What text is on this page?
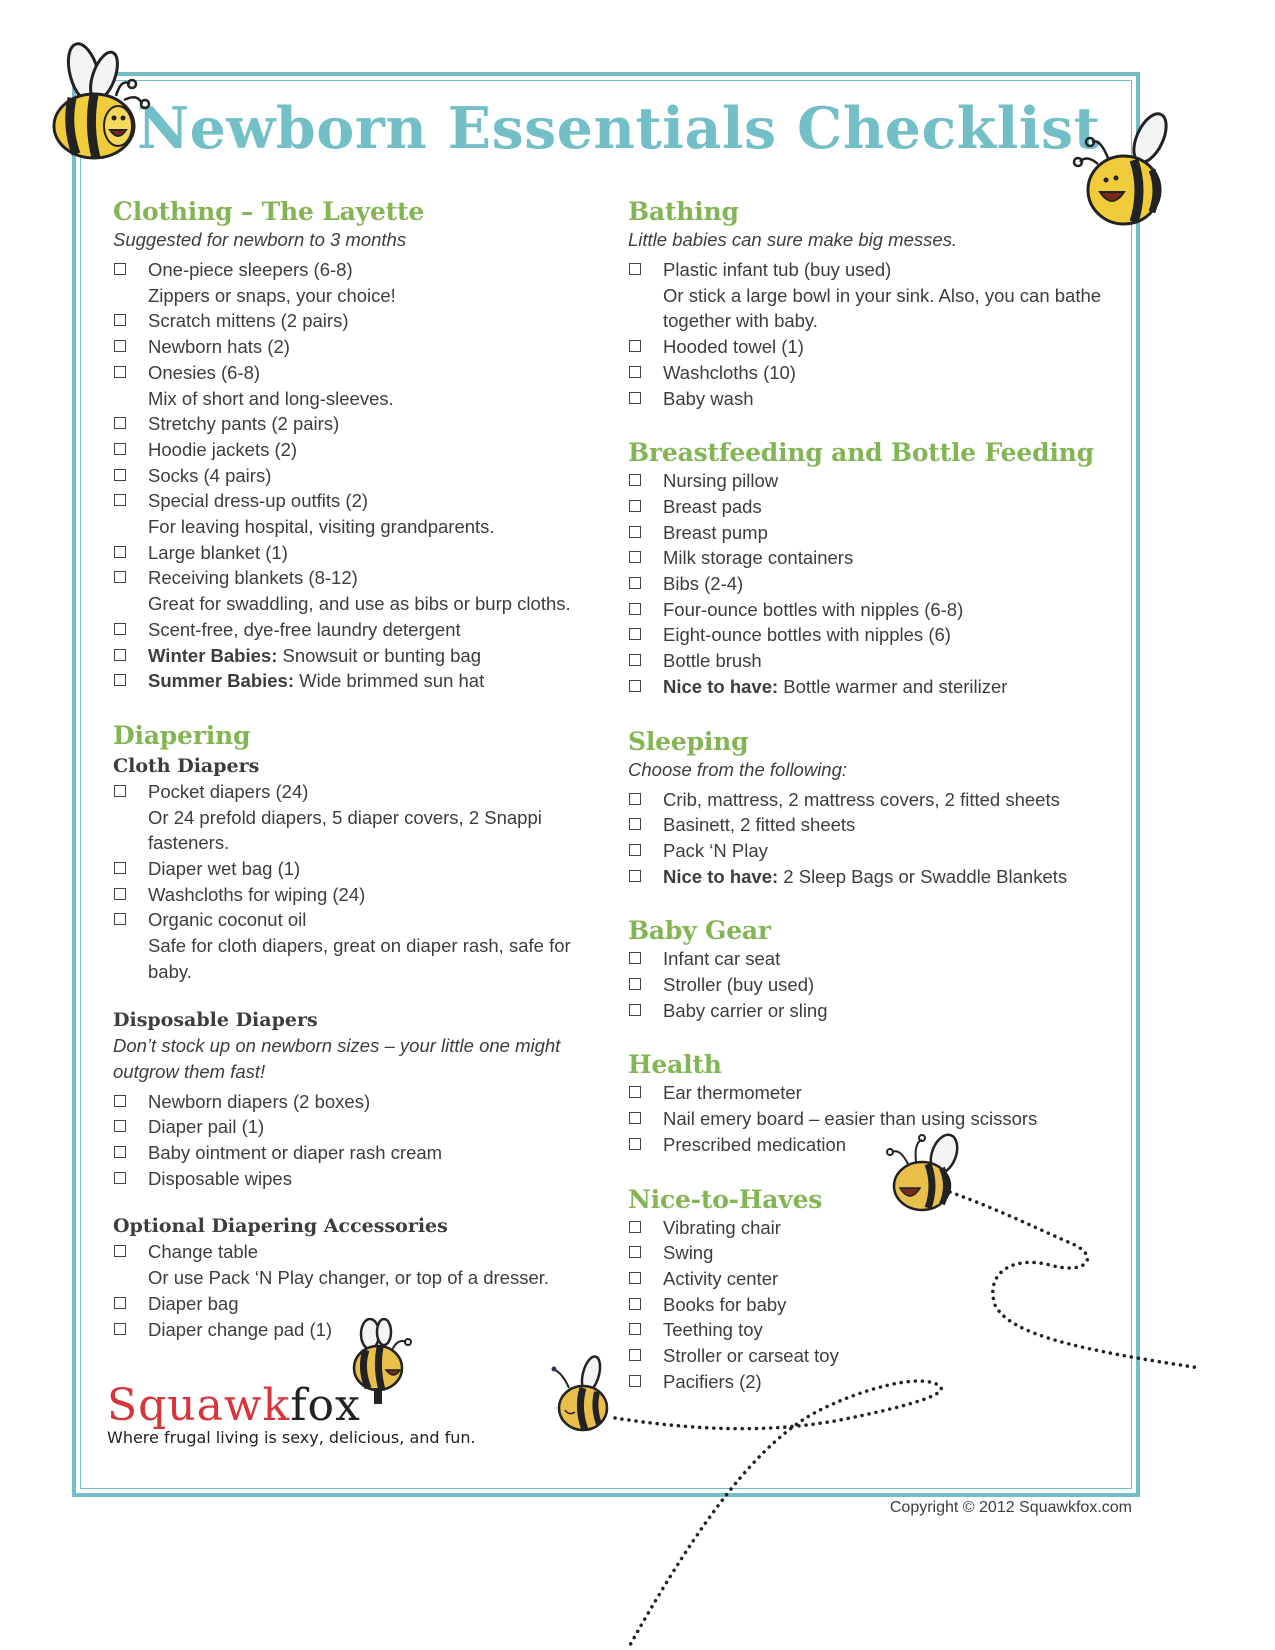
Newborn Essentials Checklist
Clothing – The Layette

Suggested for newborn to 3 months

One-piece sleepers (6-8)
Zippers or snaps, your choice!
Scratch mittens (2 pairs)
Newborn hats (2)
Onesies (6-8)
Mix of short and long-sleeves.
Stretchy pants (2 pairs)
Hoodie jackets (2)
Socks (4 pairs)
Special dress-up outfits (2)
For leaving hospital, visiting grandparents.
Large blanket (1)
Receiving blankets (8-12)
Great for swaddling, and use as bibs or burp cloths.
Scent-free, dye-free laundry detergent
Winter Babies: Snowsuit or bunting bag
Summer Babies: Wide brimmed sun hat
Diapering
Cloth Diapers
Pocket diapers (24)
Or 24 prefold diapers, 5 diaper covers, 2 Snappi fasteners.
Diaper wet bag (1)
Washcloths for wiping (24)
Organic coconut oil
Safe for cloth diapers, great on diaper rash, safe for baby.
Disposable Diapers

Don’t stock up on newborn sizes – your little one might outgrow them fast!

Newborn diapers (2 boxes)
Diaper pail (1)
Baby ointment or diaper rash cream
Disposable wipes
Optional Diapering Accessories
Change table
Or use Pack ‘N Play changer, or top of a dresser.
Diaper bag
Diaper change pad (1)
Bathing

Little babies can sure make big messes.

Plastic infant tub (buy used)
Or stick a large bowl in your sink. Also, you can bathe together with baby.
Hooded towel (1)
Washcloths (10)
Baby wash
Breastfeeding and Bottle Feeding
Nursing pillow
Breast pads
Breast pump
Milk storage containers
Bibs (2-4)
Four-ounce bottles with nipples (6-8)
Eight-ounce bottles with nipples (6)
Bottle brush
Nice to have: Bottle warmer and sterilizer
Sleeping

Choose from the following:

Crib, mattress, 2 mattress covers, 2 fitted sheets
Basinett, 2 fitted sheets
Pack ‘N Play
Nice to have: 2 Sleep Bags or Swaddle Blankets
Baby Gear
Infant car seat
Stroller (buy used)
Baby carrier or sling
Health
Ear thermometer
Nail emery board – easier than using scissors
Prescribed medication
Nice-to-Haves
Vibrating chair
Swing
Activity center
Books for baby
Teething toy
Stroller or carseat toy
Pacifiers (2)
Squawkfox
Where frugal living is sexy, delicious, and fun.
Copyright © 2012 Squawkfox.com
